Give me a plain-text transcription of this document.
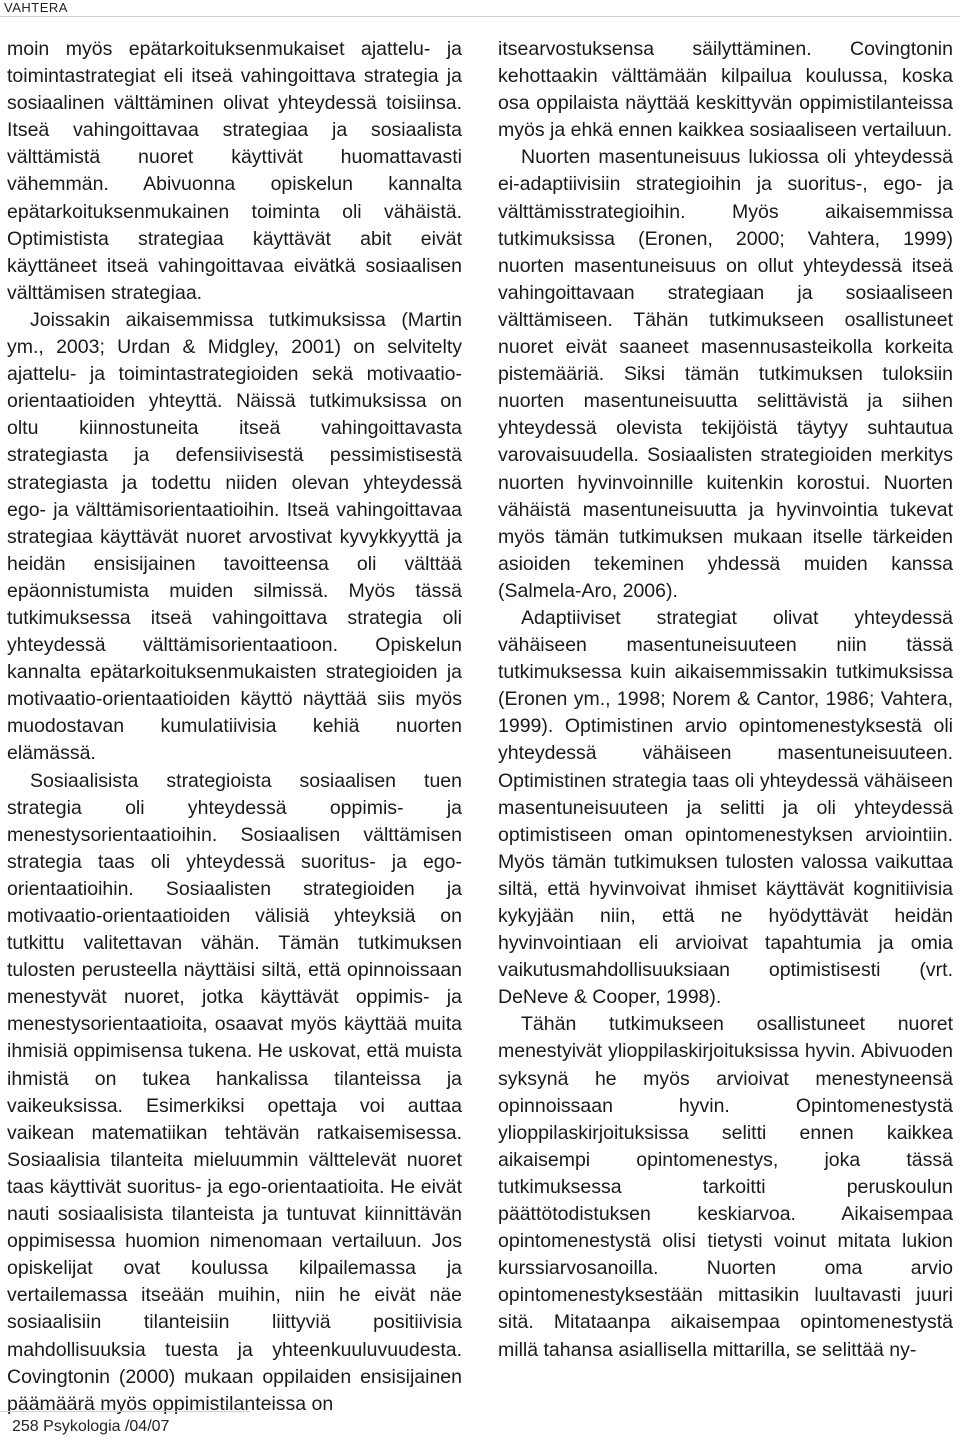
VAHTERA

moin myös epätarkoituksenmukaiset ajattelu- ja toimintastrategiat eli itseä vahingoittava strategia ja sosiaalinen välttäminen olivat yhteydessä toisiinsa. Itseä vahingoittavaa strategiaa ja sosiaalista välttämistä nuoret käyttivät huomattavasti vähemmän. Abivuonna opiskelun kannalta epätarkoituksenmukainen toiminta oli vähäistä. Optimistista strategiaa käyttävät abit eivät käyttäneet itseä vahingoittavaa eivätkä sosiaalisen välttämisen strategiaa.

Joissakin aikaisemmissa tutkimuksissa (Martin ym., 2003; Urdan & Midgley, 2001) on selvitelty ajattelu- ja toimintastrategioiden sekä motivaatio-orientaatioiden yhteyttä. Näissä tutkimuksissa on oltu kiinnostuneita itseä vahingoittavasta strategiasta ja defensiivisestä pessimistisestä strategiasta ja todettu niiden olevan yhteydessä ego- ja välttämisorientaatioihin. Itseä vahingoittavaa strategiaa käyttävät nuoret arvostivat kyvykkyyttä ja heidän ensisijainen tavoitteensa oli välttää epäonnistumista muiden silmissä. Myös tässä tutkimuksessa itseä vahingoittava strategia oli yhteydessä välttämisorientaatioon. Opiskelun kannalta epätarkoituksenmukaisten strategioiden ja motivaatio-orientaatioiden käyttö näyttää siis myös muodostavan kumulatiivisia kehiä nuorten elämässä.

Sosiaalisista strategioista sosiaalisen tuen strategia oli yhteydessä oppimis- ja menestysorientaatioihin. Sosiaalisen välttämisen strategia taas oli yhteydessä suoritus- ja ego-orientaatioihin. Sosiaalisten strategioiden ja motivaatio-orientaatioiden välisiä yhteyksiä on tutkittu valitettavan vähän. Tämän tutkimuksen tulosten perusteella näyttäisi siltä, että opinnoissaan menestyvät nuoret, jotka käyttävät oppimis- ja menestysorientaatioita, osaavat myös käyttää muita ihmisiä oppimisensa tukena. He uskovat, että muista ihmistä on tukea hankalissa tilanteissa ja vaikeuksissa. Esimerkiksi opettaja voi auttaa vaikean matematiikan tehtävän ratkaisemisessa. Sosiaalisia tilanteita mieluummin välttelevät nuoret taas käyttivät suoritus- ja ego-orientaatioita. He eivät nauti sosiaalisista tilanteista ja tuntuvat kiinnittävän oppimisessa huomion nimenomaan vertailuun. Jos opiskelijat ovat koulussa kilpailemassa ja vertailemassa itseään muihin, niin he eivät näe sosiaalisiin tilanteisiin liittyviä positiivisia mahdollisuuksia tuesta ja yhteenkuuluvuudesta. Covingtonin (2000) mukaan oppilaiden ensisijainen päämäärä myös oppimistilanteissa on

itsearvostuksensa säilyttäminen. Covingtonin kehottaakin välttämään kilpailua koulussa, koska osa oppilaista näyttää keskittyvän oppimistilanteissa myös ja ehkä ennen kaikkea sosiaaliseen vertailuun.

Nuorten masentuneisuus lukiossa oli yhteydessä ei-adaptiivisiin strategioihin ja suoritus-, ego- ja välttämisstrategioihin. Myös aikaisemmissa tutkimuksissa (Eronen, 2000; Vahtera, 1999) nuorten masentuneisuus on ollut yhteydessä itseä vahingoittavaan strategiaan ja sosiaaliseen välttämiseen. Tähän tutkimukseen osallistuneet nuoret eivät saaneet masennusasteikolla korkeita pistemääriä. Siksi tämän tutkimuksen tuloksiin nuorten masentuneisuutta selittävistä ja siihen yhteydessä olevista tekijöistä täytyy suhtautua varovaisuudella. Sosiaalisten strategioiden merkitys nuorten hyvinvoinnille kuitenkin korostui. Nuorten vähäistä masentuneisuutta ja hyvinvointia tukevat myös tämän tutkimuksen mukaan itselle tärkeiden asioiden tekeminen yhdessä muiden kanssa (Salmela-Aro, 2006).

Adaptiiviset strategiat olivat yhteydessä vähäiseen masentuneisuuteen niin tässä tutkimuksessa kuin aikaisemmissakin tutkimuksissa (Eronen ym., 1998; Norem & Cantor, 1986; Vahtera, 1999). Optimistinen arvio opintomenestyksestä oli yhteydessä vähäiseen masentuneisuuteen. Optimistinen strategia taas oli yhteydessä vähäiseen masentuneisuuteen ja selitti ja oli yhteydessä optimistiseen oman opintomenestyksen arviointiin. Myös tämän tutkimuksen tulosten valossa vaikuttaa siltä, että hyvinvoivat ihmiset käyttävät kognitiivisia kykyjään niin, että ne hyödyttävät heidän hyvinvointiaan eli arvioivat tapahtumia ja omia vaikutusmahdollisuuksiaan optimistisesti (vrt. DeNeve & Cooper, 1998).

Tähän tutkimukseen osallistuneet nuoret menestyivät ylioppilaskirjoituksissa hyvin. Abivuoden syksynä he myös arvioivat menestyneensä opinnoissaan hyvin. Opintomenestystä ylioppilaskirjoituksissa selitti ennen kaikkea aikaisempi opintomenestys, joka tässä tutkimuksessa tarkoitti peruskoulun päättötodistuksen keskiarvoa. Aikaisempaa opintomenestystä olisi tietysti voinut mitata lukion kurssiarvosanoilla. Nuorten oma arvio opintomenestyksestään mittasikin luultavasti juuri sitä. Mitataanpa aikaisempaa opintomenestystä millä tahansa asiallisella mittarilla, se selittää ny-

258 Psykologia /04/07
